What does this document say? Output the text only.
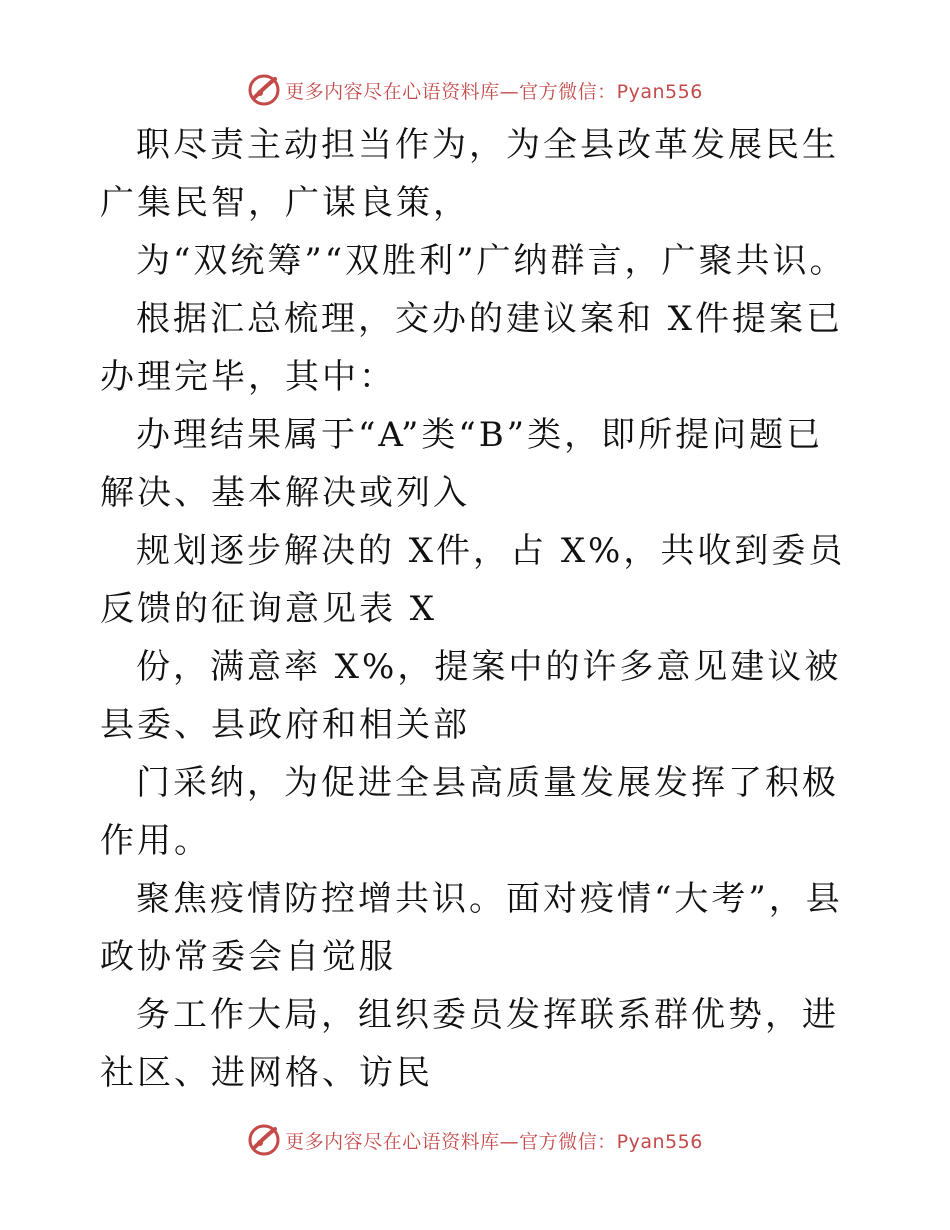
更多内容尽在心语资料库—官方微信：Pyan556

职尽责主动担当作为，为全县改革发展民生广集民智，广谋良策，

为“双统筹”“双胜利”广纳群言，广聚共识。

根据汇总梳理，交办的建议案和 X件提案已办理完毕，其中：

办理结果属于“A”类“B”类，即所提问题已解决、基本解决或列入

规划逐步解决的 X件，占 X%，共收到委员反馈的征询意见表 X

份，满意率 X%，提案中的许多意见建议被县委、县政府和相关部

门采纳，为促进全县高质量发展发挥了积极作用。

聚焦疫情防控增共识。面对疫情“大考”，县政协常委会自觉服

务工作大局，组织委员发挥联系群优势，进社区、进网格、访民

更多内容尽在心语资料库—官方微信：Pyan556
